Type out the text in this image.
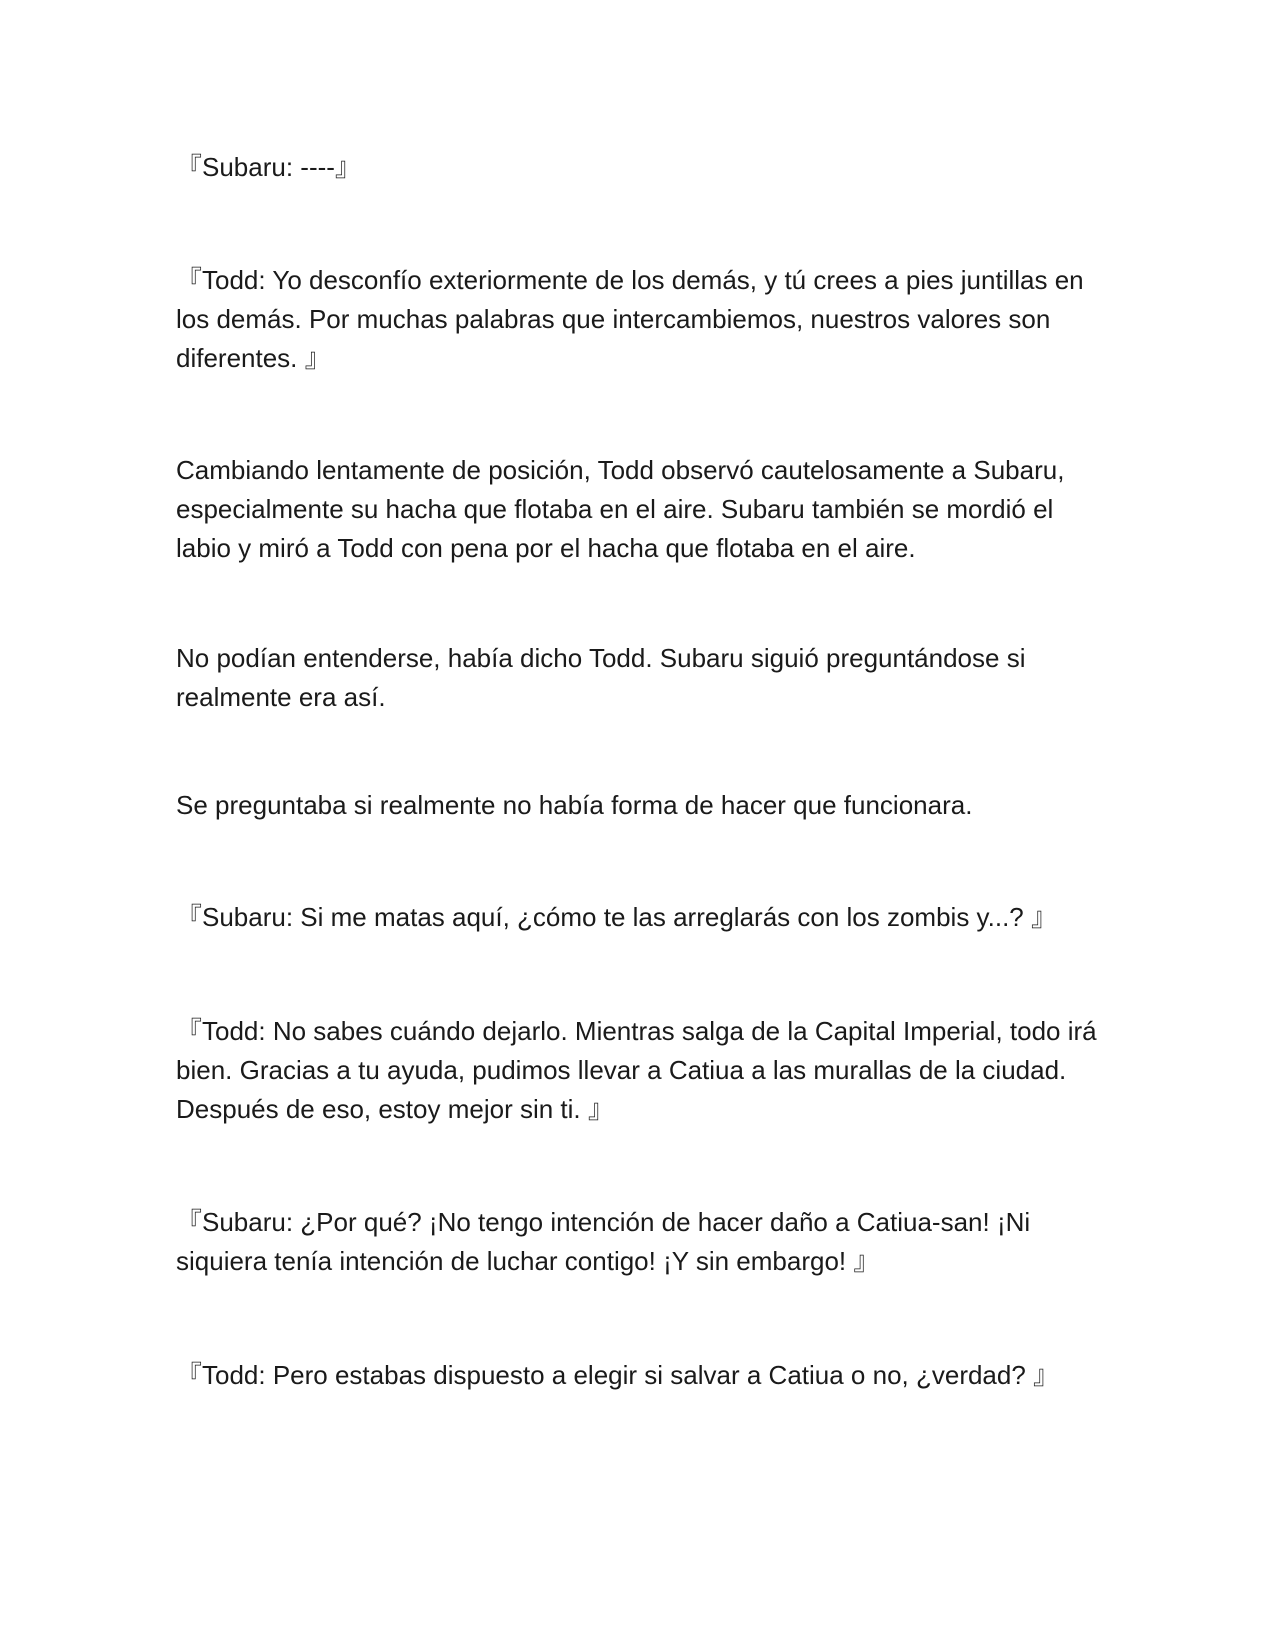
『Subaru: ----』

『Todd: Yo desconfío exteriormente de los demás, y tú crees a pies juntillas en los demás. Por muchas palabras que intercambiemos, nuestros valores son diferentes. 』

Cambiando lentamente de posición, Todd observó cautelosamente a Subaru, especialmente su hacha que flotaba en el aire. Subaru también se mordió el labio y miró a Todd con pena por el hacha que flotaba en el aire.

No podían entenderse, había dicho Todd. Subaru siguió preguntándose si realmente era así.

Se preguntaba si realmente no había forma de hacer que funcionara.

『Subaru: Si me matas aquí, ¿cómo te las arreglarás con los zombis y...? 』

『Todd: No sabes cuándo dejarlo. Mientras salga de la Capital Imperial, todo irá bien. Gracias a tu ayuda, pudimos llevar a Catiua a las murallas de la ciudad. Después de eso, estoy mejor sin ti. 』

『Subaru: ¿Por qué? ¡No tengo intención de hacer daño a Catiua-san! ¡Ni siquiera tenía intención de luchar contigo! ¡Y sin embargo! 』

『Todd: Pero estabas dispuesto a elegir si salvar a Catiua o no, ¿verdad? 』
